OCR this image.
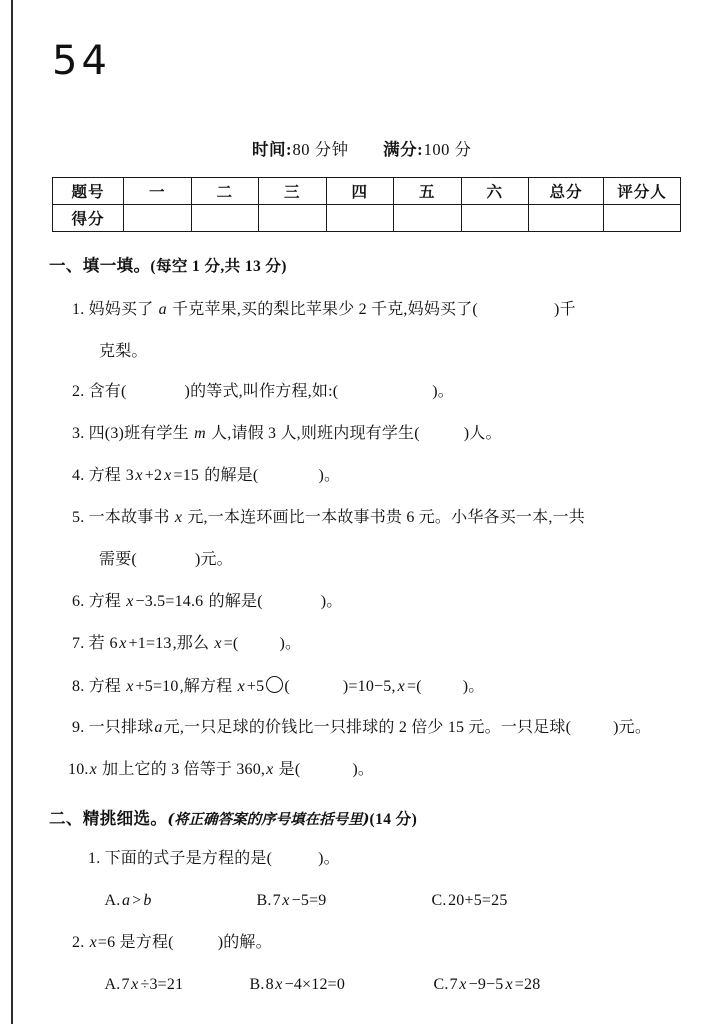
54
时间:80 分钟 满分:100 分
题号	一	二	三	四	五	六	总分	评分人
得分								
一、填一填。(每空 1 分,共 13 分)
1. 妈妈买了 a 千克苹果,买的梨比苹果少 2 千克,妈妈买了(	)千
克梨。
2. 含有(	)的等式,叫作方程,如:(	)。
3. 四(3)班有学生 m 人,请假 3 人,则班内现有学生(	)人。
4. 方程 3x +2 x =15 的解是(	)。
5. 一本故事书 x 元,一本连环画比一本故事书贵 6 元。小华各买一本,一共
需要(	)元。
6. 方程 x −3.5=14.6 的解是(	)。
7. 若 6x +1=13,那么 x =(	)。
8. 方程 x +5=10,解方程 x +5 (	)=10−5, x =(	)。
9. 一只排球a元,一只足球的价钱比一只排球的 2 倍少 15 元。一只足球(	)元。
10.x 加上它的 3 倍等于 360,x 是(	)。
二、精挑细选。(将正确答案的序号填在括号里)(14 分)
1. 下面的式子是方程的是(	)。
A.a > b	B.7x −5=9	C.20+5=25
2. x=6 是方程(	)的解。
A.7x ÷3=21	B.8x −4×12=0	C.7x −9−5 x =28
